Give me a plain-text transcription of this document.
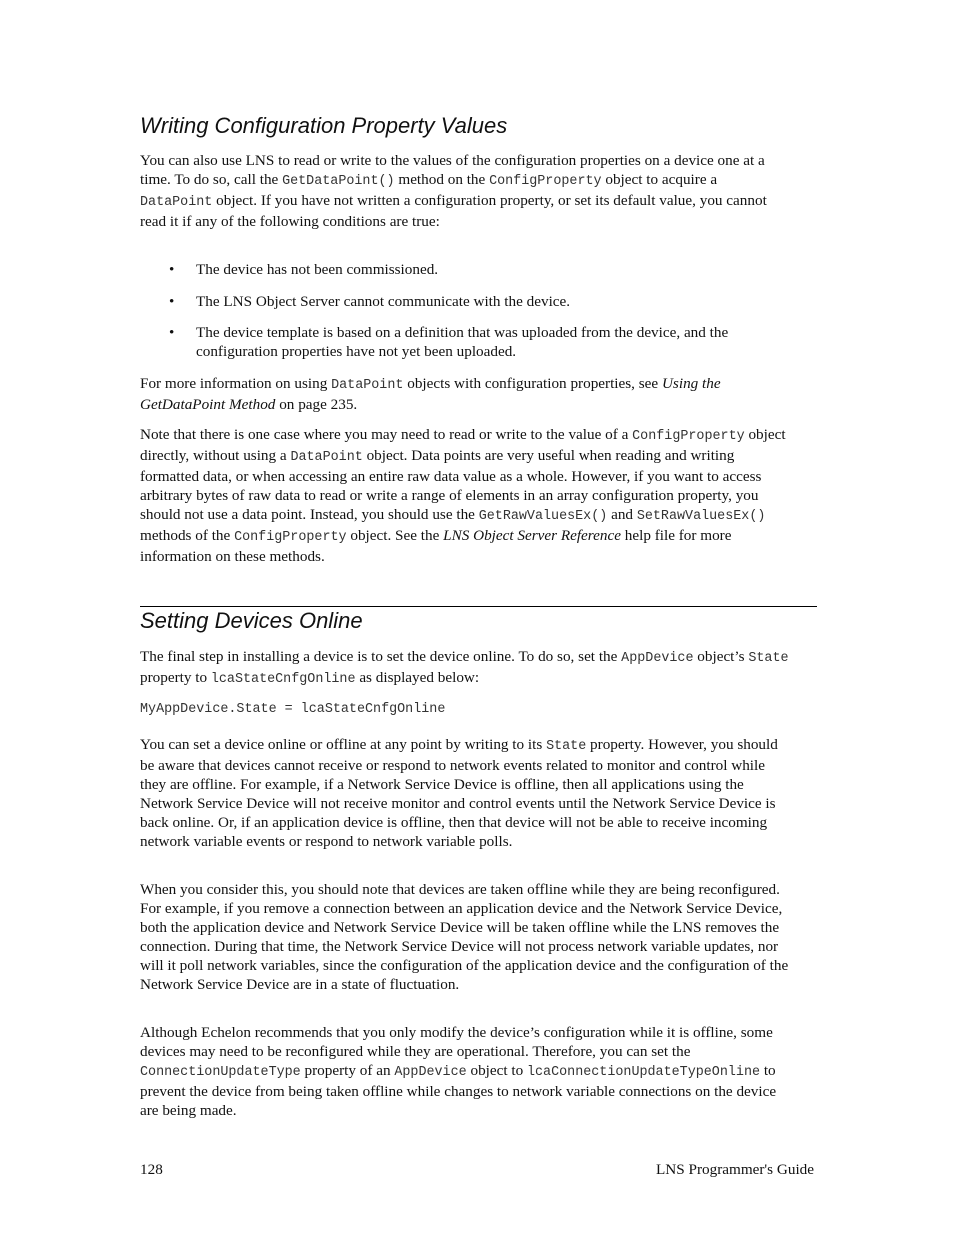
Writing Configuration Property Values

You can also use LNS to read or write to the values of the configuration properties on a device one at a time. To do so, call the GetDataPoint() method on the ConfigProperty object to acquire a DataPoint object. If you have not written a configuration property, or set its default value, you cannot read it if any of the following conditions are true:

• The device has not been commissioned.

• The LNS Object Server cannot communicate with the device.

• The device template is based on a definition that was uploaded from the device, and the configuration properties have not yet been uploaded.

For more information on using DataPoint objects with configuration properties, see Using the GetDataPoint Method on page 235.

Note that there is one case where you may need to read or write to the value of a ConfigProperty object directly, without using a DataPoint object. Data points are very useful when reading and writing formatted data, or when accessing an entire raw data value as a whole. However, if you want to access arbitrary bytes of raw data to read or write a range of elements in an array configuration property, you should not use a data point. Instead, you should use the GetRawValuesEx() and SetRawValuesEx() methods of the ConfigProperty object. See the LNS Object Server Reference help file for more information on these methods.

Setting Devices Online

The final step in installing a device is to set the device online. To do so, set the AppDevice object’s State property to lcaStateCnfgOnline as displayed below:

MyAppDevice.State = lcaStateCnfgOnline

You can set a device online or offline at any point by writing to its State property. However, you should be aware that devices cannot receive or respond to network events related to monitor and control while they are offline. For example, if a Network Service Device is offline, then all applications using the Network Service Device will not receive monitor and control events until the Network Service Device is back online. Or, if an application device is offline, then that device will not be able to receive incoming network variable events or respond to network variable polls.

When you consider this, you should note that devices are taken offline while they are being reconfigured. For example, if you remove a connection between an application device and the Network Service Device, both the application device and Network Service Device will be taken offline while the LNS removes the connection. During that time, the Network Service Device will not process network variable updates, nor will it poll network variables, since the configuration of the application device and the configuration of the Network Service Device are in a state of fluctuation.

Although Echelon recommends that you only modify the device’s configuration while it is offline, some devices may need to be reconfigured while they are operational. Therefore, you can set the ConnectionUpdateType property of an AppDevice object to lcaConnectionUpdateTypeOnline to prevent the device from being taken offline while changes to network variable connections on the device are being made.

128	LNS Programmer's Guide
